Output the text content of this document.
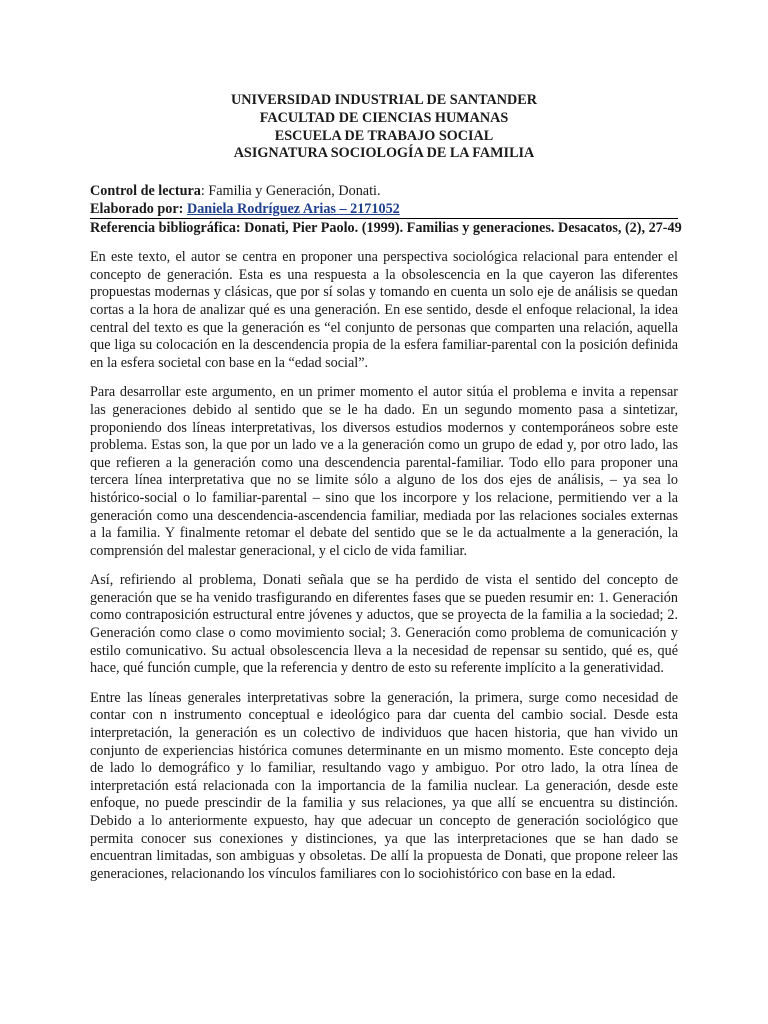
UNIVERSIDAD INDUSTRIAL DE SANTANDER
FACULTAD DE CIENCIAS HUMANAS
ESCUELA DE TRABAJO SOCIAL
ASIGNATURA SOCIOLOGÍA DE LA FAMILIA
Control de lectura: Familia y Generación, Donati.
Elaborado por: Daniela Rodríguez Arias – 2171052
Referencia bibliográfica: Donati, Pier Paolo. (1999). Familias y generaciones. Desacatos, (2), 27-49

En este texto, el autor se centra en proponer una perspectiva sociológica relacional para entender el concepto de generación. Esta es una respuesta a la obsolescencia en la que cayeron las diferentes propuestas modernas y clásicas, que por sí solas y tomando en cuenta un solo eje de análisis se quedan cortas a la hora de analizar qué es una generación. En ese sentido, desde el enfoque relacional, la idea central del texto es que la generación es “el conjunto de personas que comparten una relación, aquella que liga su colocación en la descendencia propia de la esfera familiar-parental con la posición definida en la esfera societal con base en la “edad social”.

Para desarrollar este argumento, en un primer momento el autor sitúa el problema e invita a repensar las generaciones debido al sentido que se le ha dado. En un segundo momento pasa a sintetizar, proponiendo dos líneas interpretativas, los diversos estudios modernos y contemporáneos sobre este problema. Estas son, la que por un lado ve a la generación como un grupo de edad y, por otro lado, las que refieren a la generación como una descendencia parental-familiar. Todo ello para proponer una tercera línea interpretativa que no se limite sólo a alguno de los dos ejes de análisis, – ya sea lo histórico-social o lo familiar-parental – sino que los incorpore y los relacione, permitiendo ver a la generación como una descendencia-ascendencia familiar, mediada por las relaciones sociales externas a la familia. Y finalmente retomar el debate del sentido que se le da actualmente a la generación, la comprensión del malestar generacional, y el ciclo de vida familiar.

Así, refiriendo al problema, Donati señala que se ha perdido de vista el sentido del concepto de generación que se ha venido trasfigurando en diferentes fases que se pueden resumir en: 1. Generación como contraposición estructural entre jóvenes y aductos, que se proyecta de la familia a la sociedad; 2. Generación como clase o como movimiento social; 3. Generación como problema de comunicación y estilo comunicativo. Su actual obsolescencia lleva a la necesidad de repensar su sentido, qué es, qué hace, qué función cumple, que la referencia y dentro de esto su referente implícito a la generatividad.

Entre las líneas generales interpretativas sobre la generación, la primera, surge como necesidad de contar con n instrumento conceptual e ideológico para dar cuenta del cambio social. Desde esta interpretación, la generación es un colectivo de individuos que hacen historia, que han vivido un conjunto de experiencias histórica comunes determinante en un mismo momento. Este concepto deja de lado lo demográfico y lo familiar, resultando vago y ambiguo. Por otro lado, la otra línea de interpretación está relacionada con la importancia de la familia nuclear. La generación, desde este enfoque, no puede prescindir de la familia y sus relaciones, ya que allí se encuentra su distinción. Debido a lo anteriormente expuesto, hay que adecuar un concepto de generación sociológico que permita conocer sus conexiones y distinciones, ya que las interpretaciones que se han dado se encuentran limitadas, son ambiguas y obsoletas. De allí la propuesta de Donati, que propone releer las generaciones, relacionando los vínculos familiares con lo sociohistórico con base en la edad.
